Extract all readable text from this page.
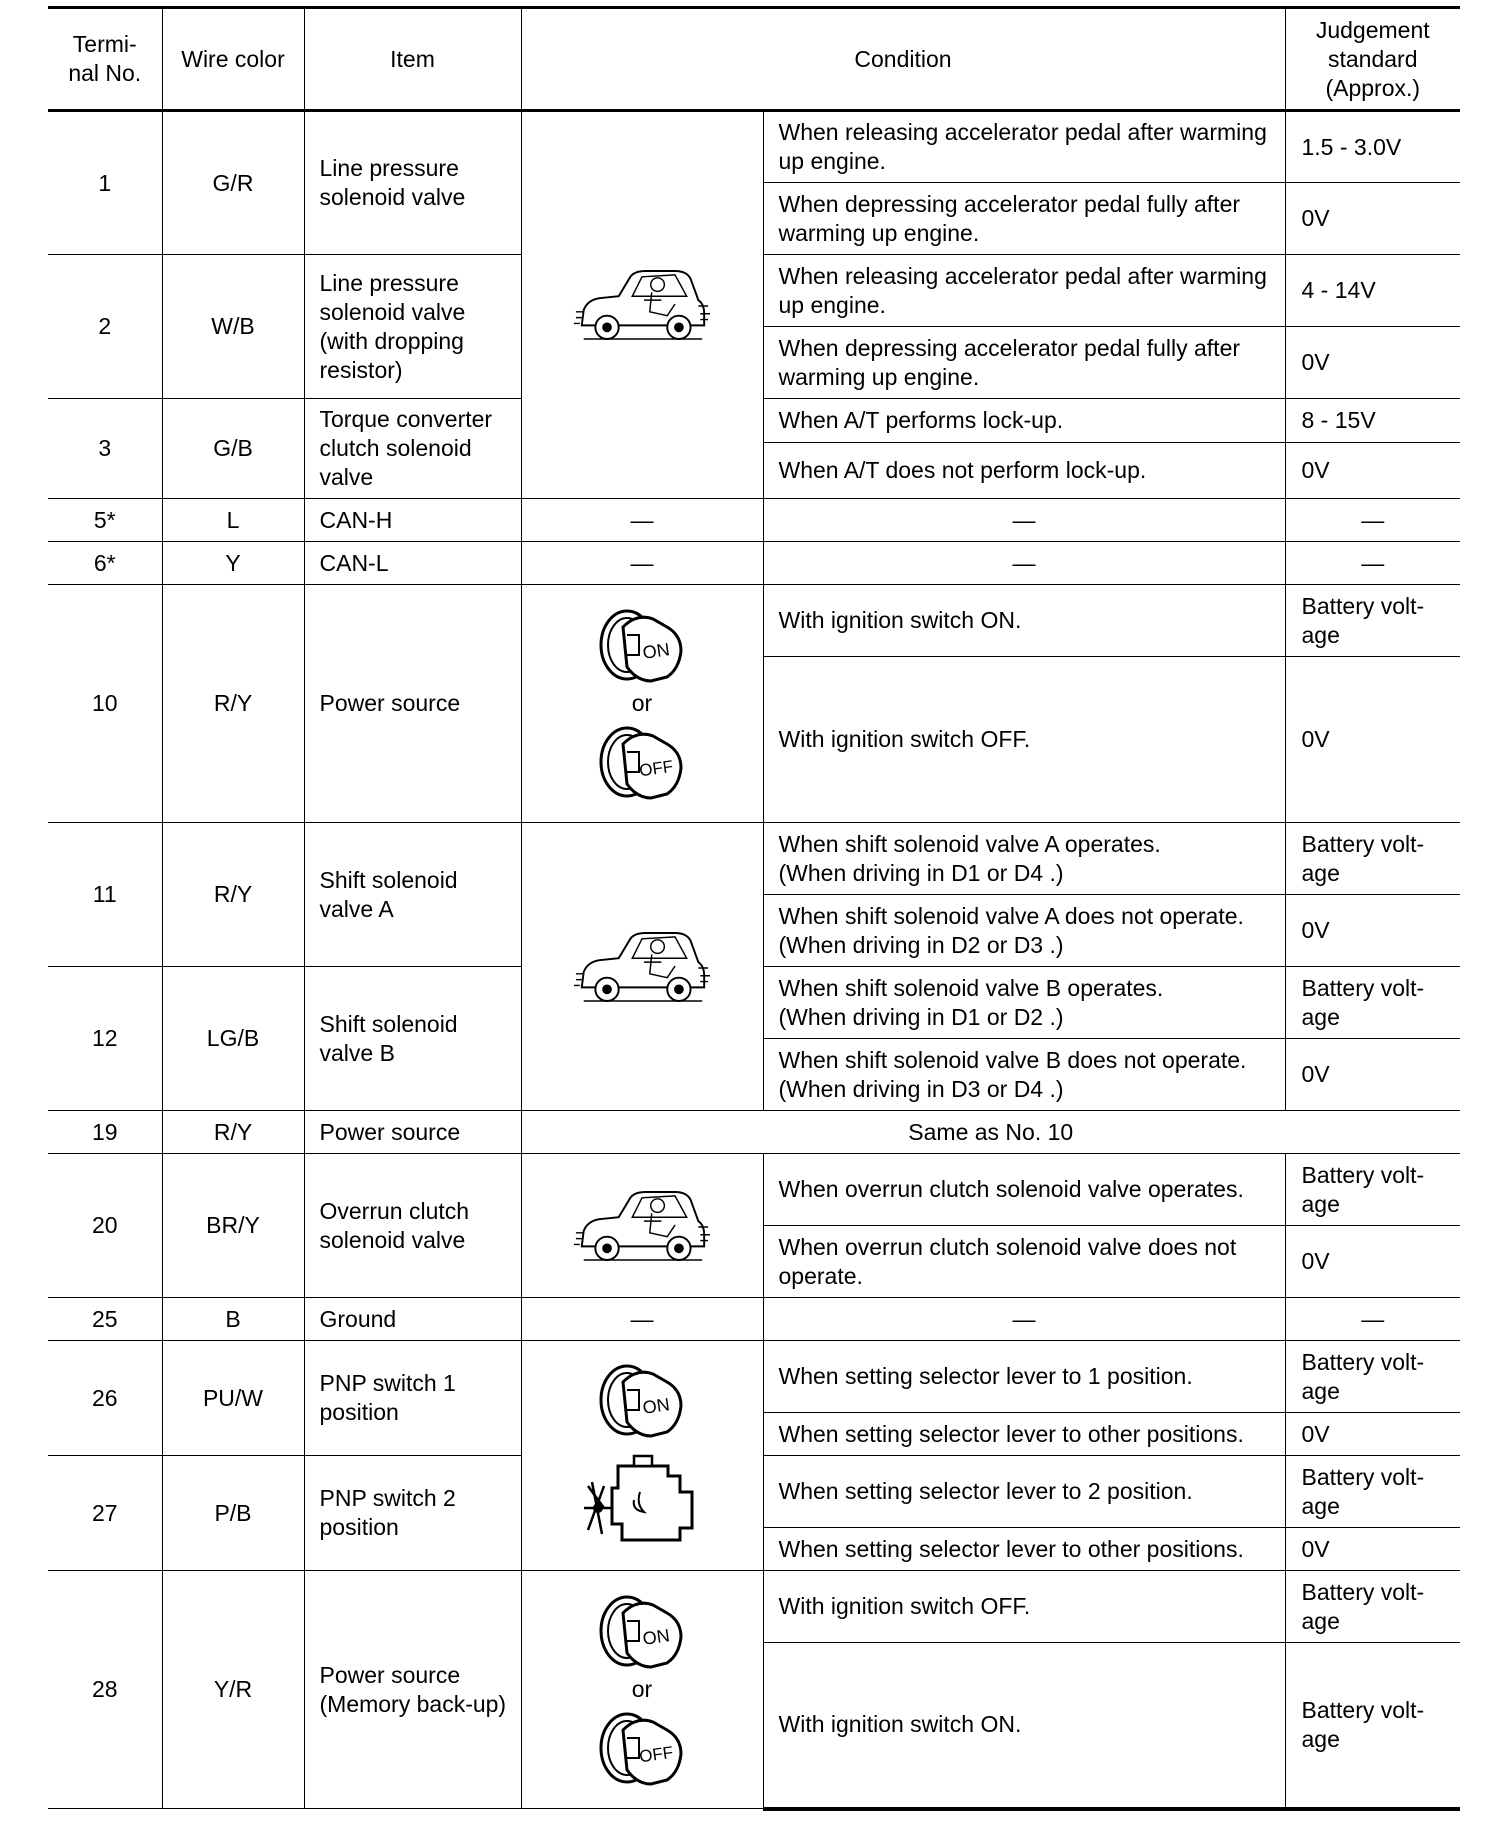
Termi-
nal No.	Wire color	Item	Condition		Judgement
standard
(Approx.)
1	G/R	Line pressure solenoid valve		When releasing accelerator pedal after warming up engine.	1.5 - 3.0V
				When depressing accelerator pedal fully after warming up engine.	0V
2	W/B	Line pressure solenoid valve (with dropping resistor)		When releasing accelerator pedal after warming up engine.	4 - 14V
				When depressing accelerator pedal fully after warming up engine.	0V
3	G/B	Torque converter clutch solenoid valve		When A/T performs lock-up.	8 - 15V
				When A/T does not perform lock-up.	0V
5*	L	CAN-H	—	—	—
6*	Y	CAN-L	—	—	—
10	R/Y	Power source	or	With ignition switch ON.	Battery volt-
age
				With ignition switch OFF.	0V
11	R/Y	Shift solenoid valve A		When shift solenoid valve A operates.
(When driving in D1 or D4 .)	Battery volt-
age
				When shift solenoid valve A does not operate.
(When driving in D2 or D3 .)	0V
12	LG/B	Shift solenoid valve B		When shift solenoid valve B operates.
(When driving in D1 or D2 .)	Battery volt-
age
				When shift solenoid valve B does not operate.
(When driving in D3 or D4 .)	0V
19	R/Y	Power source	Same as No. 10		
20	BR/Y	Overrun clutch solenoid valve		When overrun clutch solenoid valve operates.	Battery volt-
age
				When overrun clutch solenoid valve does not operate.	0V
25	B	Ground	—	—	—
26	PU/W	PNP switch 1 position		When setting selector lever to 1 position.	Battery volt-
age
				When setting selector lever to other positions.	0V
27	P/B	PNP switch 2 position		When setting selector lever to 2 position.	Battery volt-
age
				When setting selector lever to other positions.	0V
28	Y/R	Power source (Memory back-up)	or	With ignition switch OFF.	Battery volt-
age
				With ignition switch ON.	Battery volt-
age
